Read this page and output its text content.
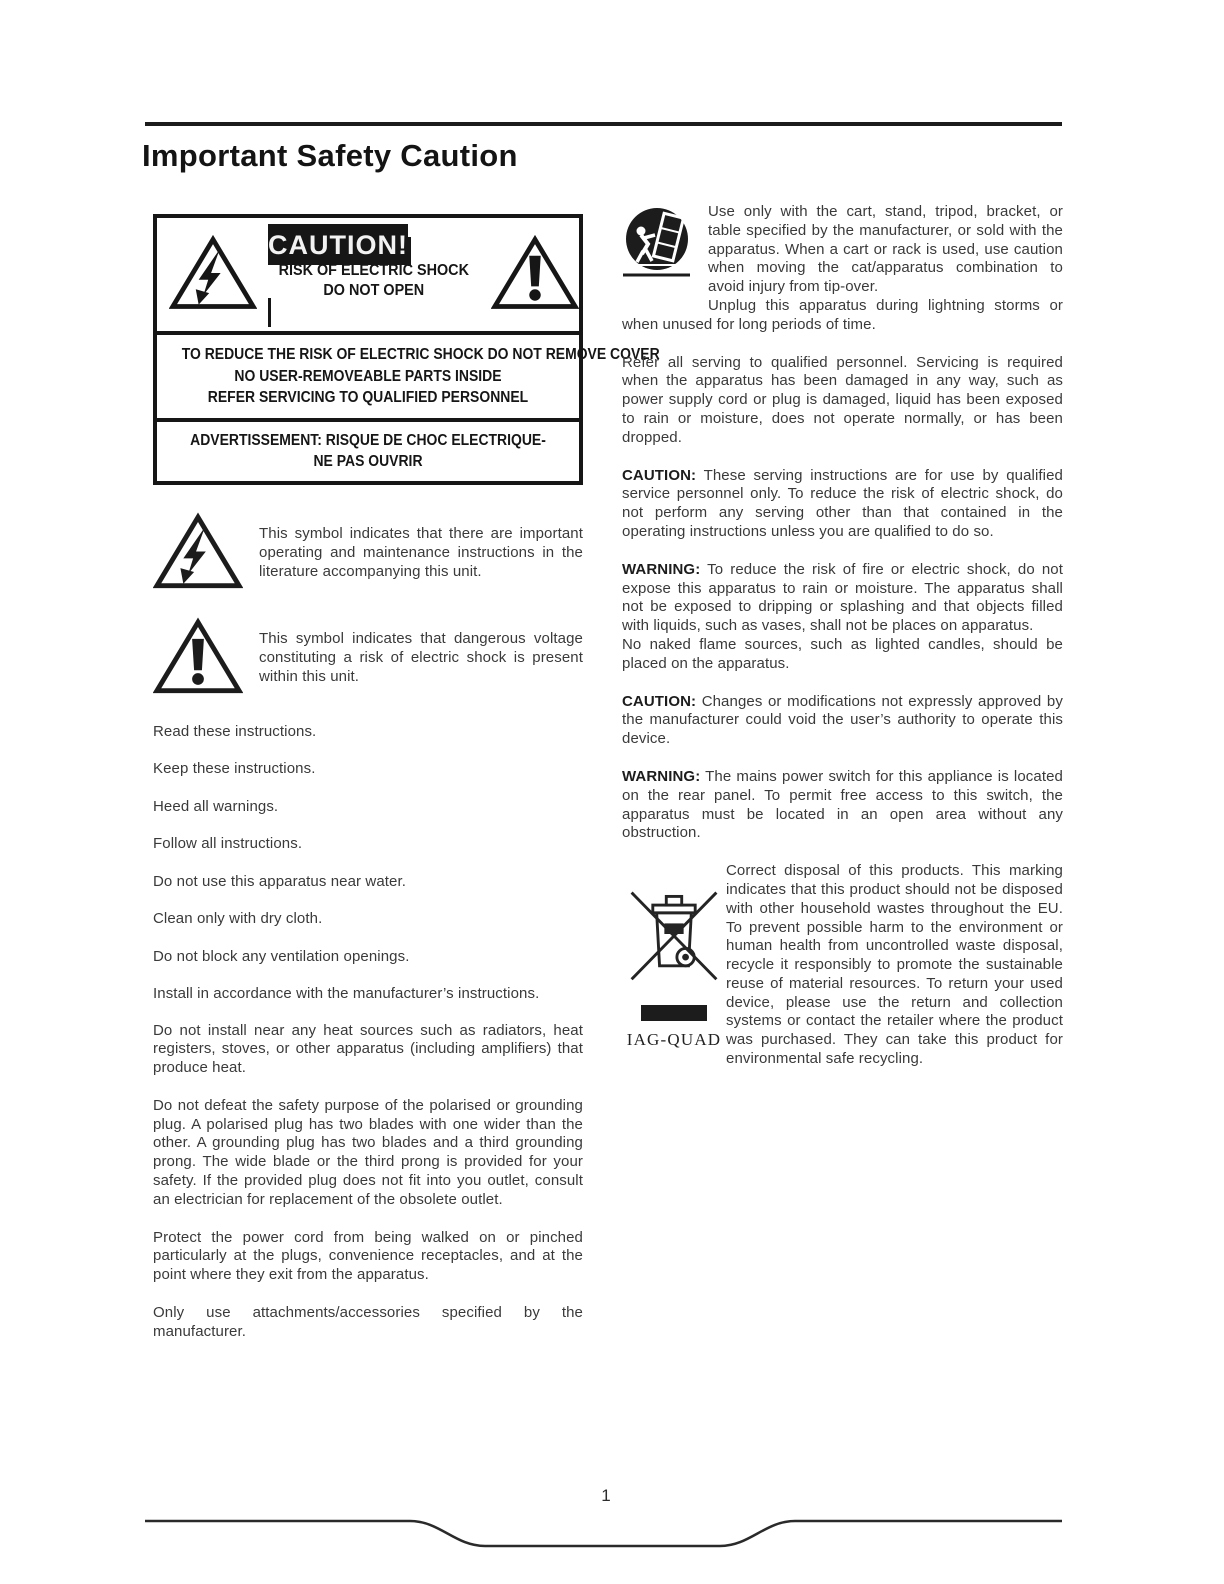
Important Safety Caution
CAUTION!
RISK OF ELECTRIC SHOCK
DO NOT OPEN
TO REDUCE THE RISK OF ELECTRIC SHOCK DO NOT REMOVE COVER
NO USER-REMOVEABLE PARTS INSIDE
REFER SERVICING TO QUALIFIED PERSONNEL
ADVERTISSEMENT: RISQUE DE CHOC ELECTRIQUE-
NE PAS OUVRIR
This symbol indicates that there are important operating and maintenance instructions in the literature accompanying this unit.
This symbol indicates that dangerous voltage constituting a risk of electric shock is present within this unit.
Read these instructions.
Keep these instructions.
Heed all warnings.
Follow all instructions.
Do not use this apparatus near water.
Clean only with dry cloth.
Do not block any ventilation openings.
Install in accordance with the manufacturer’s instructions.
Do not install near any heat sources such as radiators, heat registers, stoves, or other apparatus (including amplifiers) that produce heat.
Do not defeat the safety purpose of the polarised or grounding plug. A polarised plug has two blades with one wider than the other. A grounding plug has two blades and a third grounding prong. The wide blade or the third prong is provided for your safety. If the provided plug does not fit into you outlet, consult an electrician for replacement of the obsolete outlet.
Protect the power cord from being walked on or pinched particularly at the plugs, convenience receptacles, and at the point where they exit from the apparatus.
Only use attachments/accessories specified by the manufacturer.
Use only with the cart, stand, tripod, bracket, or table specified by the manufacturer, or sold with the apparatus. When a cart or rack is used, use caution when moving the cat/apparatus combination to avoid injury from tip-over.
Unplug this apparatus during lightning storms or when unused for long periods of time.
Refer all serving to qualified personnel. Servicing is required when the apparatus has been damaged in any way, such as power supply cord or plug is damaged, liquid has been exposed to rain or moisture, does not operate normally, or has been dropped.
CAUTION: These serving instructions are for use by qualified service personnel only. To reduce the risk of electric shock, do not perform any serving other than that contained in the operating instructions unless you are qualified to do so.
WARNING: To reduce the risk of fire or electric shock, do not expose this apparatus to rain or moisture. The apparatus shall not be exposed to dripping or splashing and that objects filled with liquids, such as vases, shall not be places on apparatus.
No naked flame sources, such as lighted candles, should be placed on the apparatus.
CAUTION: Changes or modifications not expressly approved by the manufacturer could void the user’s authority to operate this device.
WARNING: The mains power switch for this appliance is located on the rear panel. To permit free access to this switch, the apparatus must be located in an open area without any obstruction.
IAG-QUAD
Correct disposal of this products. This marking indicates that this product should not be disposed with other household wastes throughout the EU. To prevent possible harm to the environment or human health from uncontrolled waste disposal, recycle it responsibly to promote the sustainable reuse of material resources. To return your used device, please use the return and collection systems or contact the retailer where the product was purchased. They can take this product for environmental safe recycling.
1
